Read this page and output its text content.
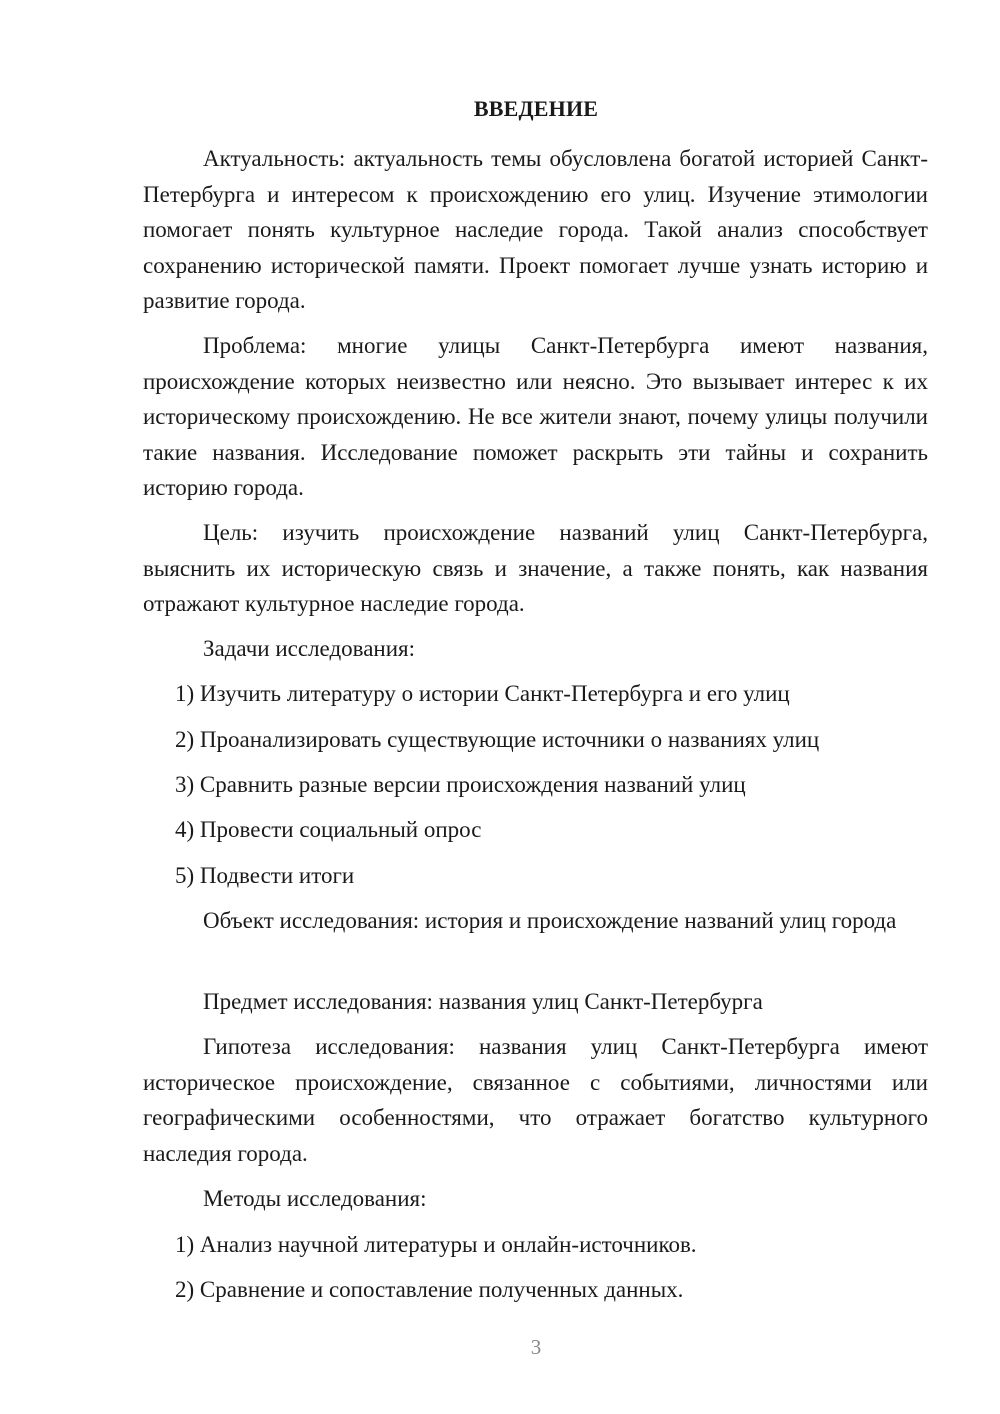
ВВЕДЕНИЕ

Актуальность: актуальность темы обусловлена богатой историей Санкт-Петербурга и интересом к происхождению его улиц. Изучение этимологии помогает понять культурное наследие города. Такой анализ способствует сохранению исторической памяти. Проект помогает лучше узнать историю и развитие города.

Проблема: многие улицы Санкт-Петербурга имеют названия, происхождение которых неизвестно или неясно. Это вызывает интерес к их историческому происхождению. Не все жители знают, почему улицы получили такие названия. Исследование поможет раскрыть эти тайны и сохранить историю города.

Цель: изучить происхождение названий улиц Санкт-Петербурга, выяснить их историческую связь и значение, а также понять, как названия отражают культурное наследие города.

Задачи исследования:

1) Изучить литературу о истории Санкт-Петербурга и его улиц

2) Проанализировать существующие источники о названиях улиц

3) Сравнить разные версии происхождения названий улиц

4) Провести социальный опрос

5) Подвести итоги

Объект исследования: история и происхождение названий улиц города

Предмет исследования: названия улиц Санкт-Петербурга

Гипотеза исследования: названия улиц Санкт-Петербурга имеют историческое происхождение, связанное с событиями, личностями или географическими особенностями, что отражает богатство культурного наследия города.

Методы исследования:

1) Анализ научной литературы и онлайн-источников.

2) Сравнение и сопоставление полученных данных.

3
